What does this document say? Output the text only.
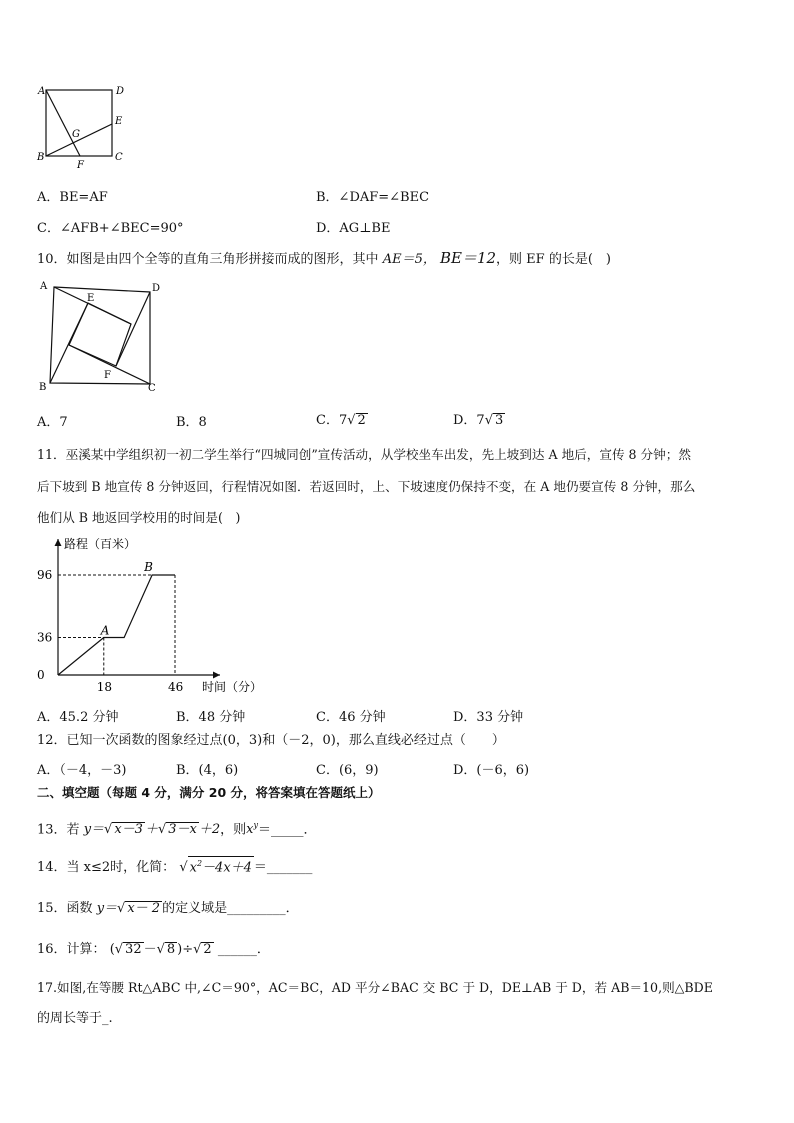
A	D
E
G
B
F
C
A．BE=AF	B．∠DAF=∠BEC
C．∠AFB+∠BEC=90°	D．AG⊥BE
10．如图是由四个全等的直角三角形拼接而成的图形，其中 AE＝5， BE＝12，则 EF 的长是(　)
A	D
E
B
F
C
A．7	B．8	C．7√ 2	D．7√ 3
11．巫溪某中学组织初一初二学生举行“四城同创”宣传活动，从学校坐车出发，先上坡到达 A 地后，宣传 8 分钟；然
后下坡到 B 地宣传 8 分钟返回，行程情况如图．若返回时，上、下坡速度仍保持不变，在 A 地仍要宣传 8 分钟，那么
他们从 B 地返回学校用的时间是(　)
0
36
96
18	46
A
B
路程（百米）
时间（分）
A．45.2 分钟	B．48 分钟	C．46 分钟	D．33 分钟
12．已知一次函数的图象经过点(0，3)和（－2，0)，那么直线必经过点（　　）
A．（－4，－3)	B．(4，6)	C．(6，9)	D．(－6，6)
二、填空题（每题 4 分，满分 20 分，将答案填在答题纸上）
13．若 y＝√ x－3 ＋√ 3－x ＋2，则$x^y=\_\_\_\_\_$．
14．当 x≤2时，化简： √ $x^2-4x+4$ ＝_______
15．函数 y＝√ x－ 2 的定义域是_________．
16．计算： (√ 32 －√ 8 )÷√ 2 ______．
17.如图,在等腰 Rt△ABC 中,∠C＝90°，AC＝BC，AD 平分∠BAC 交 BC 于 D，DE⊥AB 于 D，若 AB＝10,则△BDE
的周长等于_.
